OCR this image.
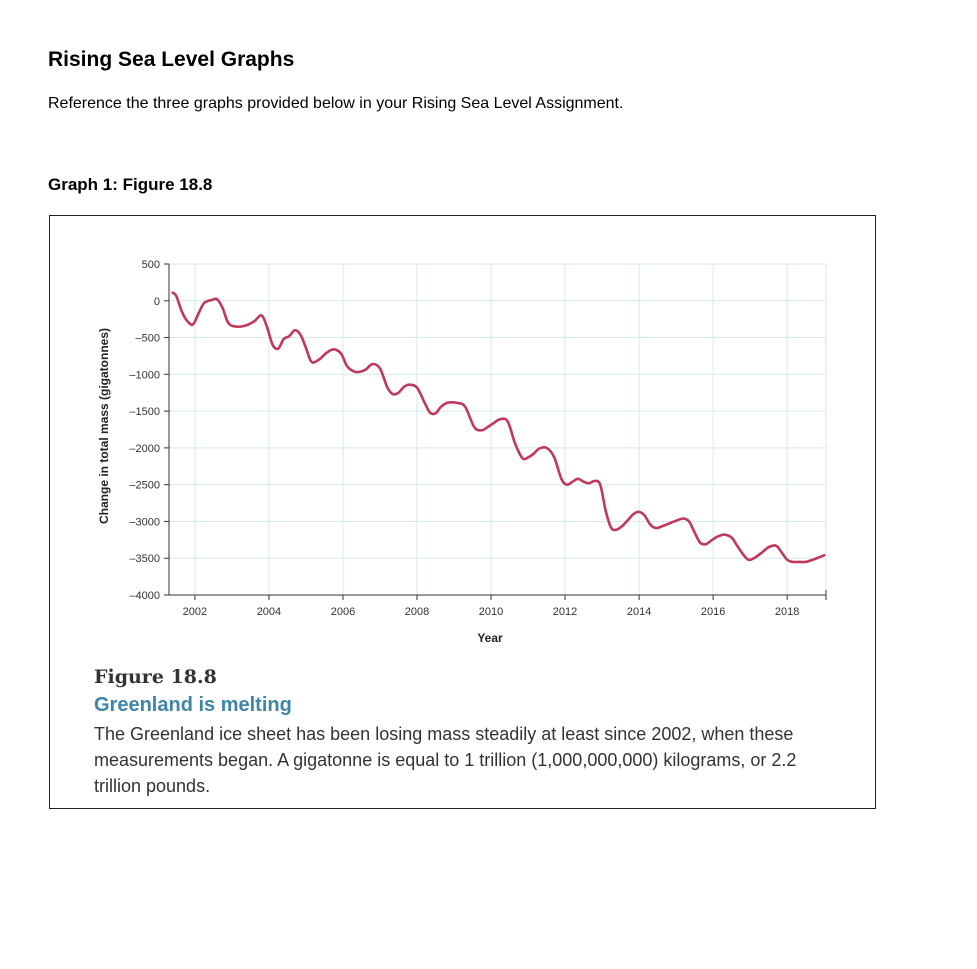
Rising Sea Level Graphs
Reference the three graphs provided below in your Rising Sea Level Assignment.
Graph 1: Figure 18.8
500
0
–500
–1000
–1500
–2000
–2500
–3000
–3500
–4000
2002	2004	2006	2008	2010	2012	2014	2016	2018
Year
Change in total mass (gigatonnes)
Figure 18.8
Greenland is melting
The Greenland ice sheet has been losing mass steadily at least since 2002, when these measurements began. A gigatonne is equal to 1 trillion (1,000,000,000) kilograms, or 2.2 trillion pounds.
